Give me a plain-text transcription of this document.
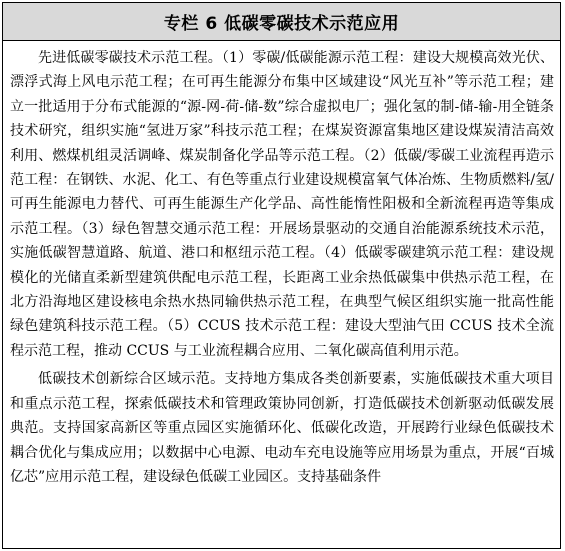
专栏 6 低碳零碳技术示范应用

先进低碳零碳技术示范工程。（1）零碳/低碳能源示范工程：建设大规模高效光伏、漂浮式海上风电示范工程；在可再生能源分布集中区域建设“风光互补”等示范工程；建立一批适用于分布式能源的“源-网-荷-储-数”综合虚拟电厂；强化氢的制-储-输-用全链条技术研究，组织实施“氢进万家”科技示范工程；在煤炭资源富集地区建设煤炭清洁高效利用、燃煤机组灵活调峰、煤炭制备化学品等示范工程。（2）低碳/零碳工业流程再造示范工程：在钢铁、水泥、化工、有色等重点行业建设规模富氧气体冶炼、生物质燃料/氢/可再生能源电力替代、可再生能源生产化学品、高性能惰性阳极和全新流程再造等集成示范工程。（3）绿色智慧交通示范工程：开展场景驱动的交通自治能源系统技术示范，实施低碳智慧道路、航道、港口和枢纽示范工程。（4）低碳零碳建筑示范工程：建设规模化的光储直柔新型建筑供配电示范工程，长距离工业余热低碳集中供热示范工程，在北方沿海地区建设核电余热水热同输供热示范工程，在典型气候区组织实施一批高性能绿色建筑科技示范工程。（5）CCUS 技术示范工程：建设大型油气田 CCUS 技术全流程示范工程，推动 CCUS 与工业流程耦合应用、二氧化碳高值利用示范。

低碳技术创新综合区域示范。支持地方集成各类创新要素，实施低碳技术重大项目和重点示范工程，探索低碳技术和管理政策协同创新，打造低碳技术创新驱动低碳发展典范。支持国家高新区等重点园区实施循环化、低碳化改造，开展跨行业绿色低碳技术耦合优化与集成应用；以数据中心电源、电动车充电设施等应用场景为重点，开展“百城亿芯”应用示范工程，建设绿色低碳工业园区。支持基础条件
